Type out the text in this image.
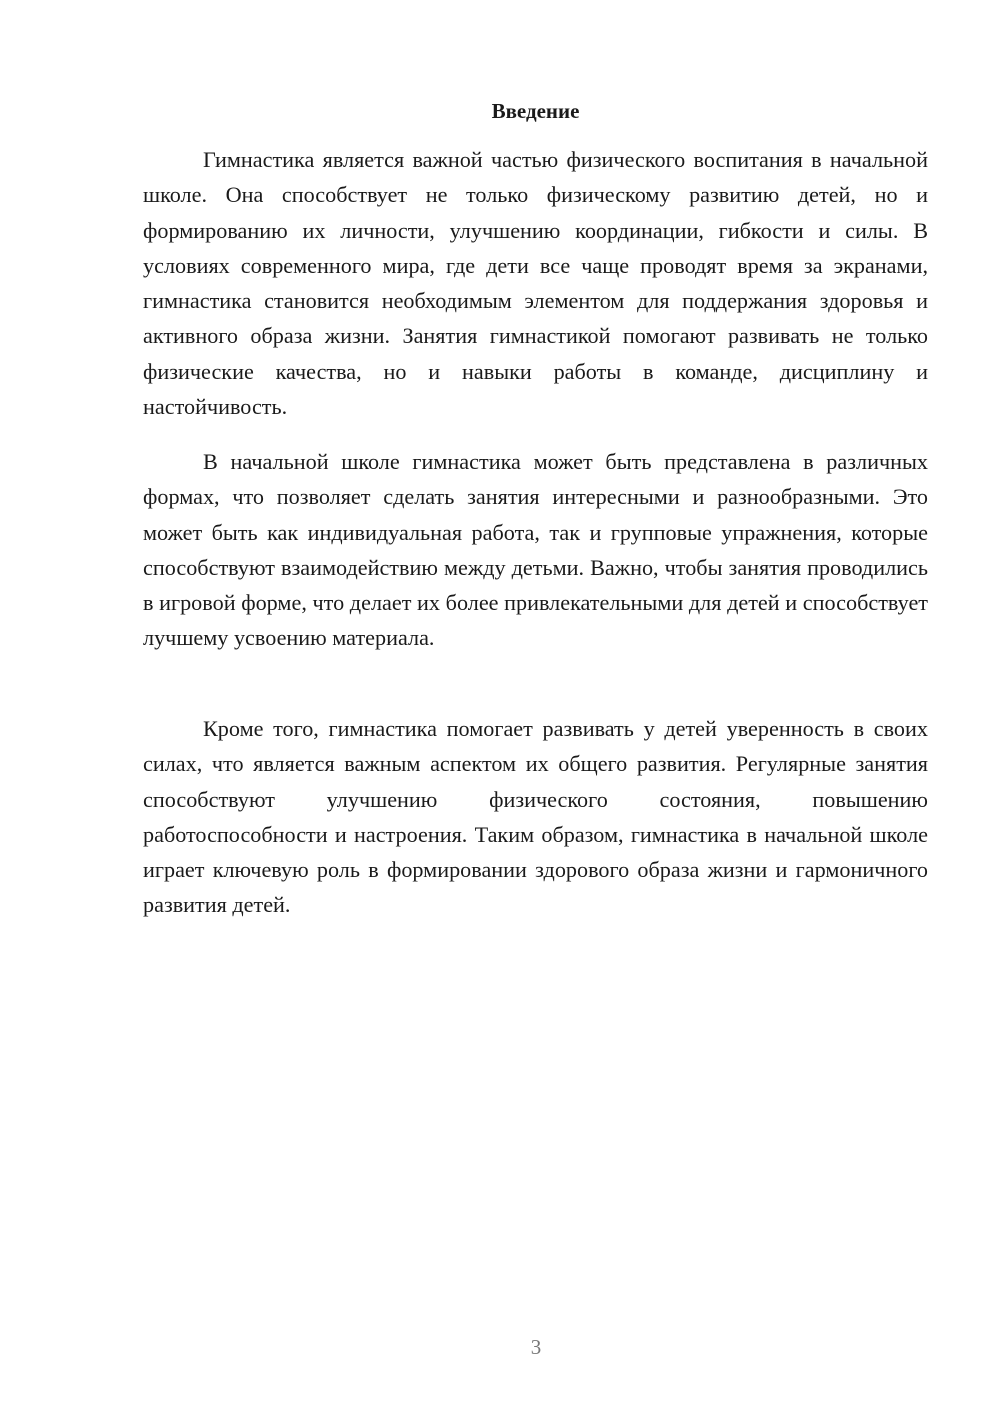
Введение

Гимнастика является важной частью физического воспитания в начальной школе. Она способствует не только физическому развитию детей, но и формированию их личности, улучшению координации, гибкости и силы. В условиях современного мира, где дети все чаще проводят время за экранами, гимнастика становится необходимым элементом для поддержания здоровья и активного образа жизни. Занятия гимнастикой помогают развивать не только физические качества, но и навыки работы в команде, дисциплину и настойчивость.

В начальной школе гимнастика может быть представлена в различных формах, что позволяет сделать занятия интересными и разнообразными. Это может быть как индивидуальная работа, так и групповые упражнения, которые способствуют взаимодействию между детьми. Важно, чтобы занятия проводились в игровой форме, что делает их более привлекательными для детей и способствует лучшему усвоению материала.

Кроме того, гимнастика помогает развивать у детей уверенность в своих силах, что является важным аспектом их общего развития. Регулярные занятия способствуют улучшению физического состояния, повышению работоспособности и настроения. Таким образом, гимнастика в начальной школе играет ключевую роль в формировании здорового образа жизни и гармоничного развития детей.

3
